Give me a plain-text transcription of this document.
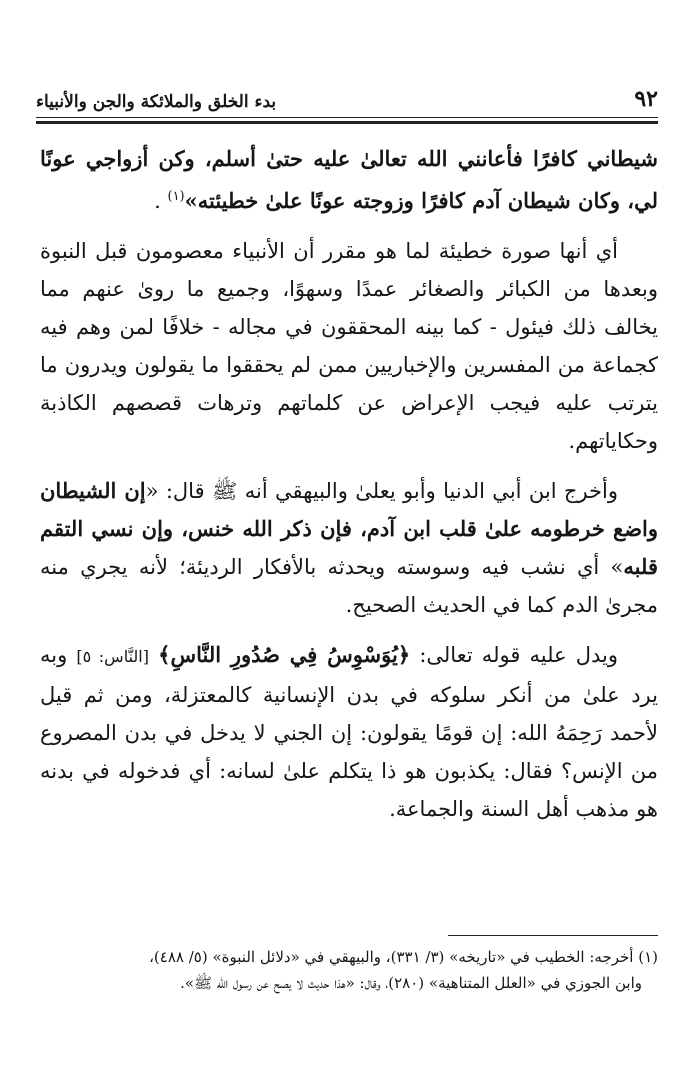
٩٢
بدء الخلق والملائكة والجن والأنبياء

شيطاني كافرًا فأعانني الله تعالىٰ عليه حتىٰ أسلم، وكن أزواجي عونًا لي، وكان شيطان آدم كافرًا وزوجته عونًا علىٰ خطيئته»$^{(١)}$ .

أي أنها صورة خطيئة لما هو مقرر أن الأنبياء معصومون قبل النبوة وبعدها من الكبائر والصغائر عمدًا وسهوًا، وجميع ما روىٰ عنهم مما يخالف ذلك فيئول - كما بينه المحققون في مجاله - خلافًا لمن وهم فيه كجماعة من المفسرين والإخباريين ممن لم يحققوا ما يقولون ويدرون ما يترتب عليه فيجب الإعراض عن كلماتهم وترهات قصصهم الكاذبة وحكاياتهم.

وأخرج ابن أبي الدنيا وأبو يعلىٰ والبيهقي أنه ﷺ قال: «إن الشيطان واضع خرطومه علىٰ قلب ابن آدم، فإن ذكر الله خنس، وإن نسي التقم قلبه» أي نشب فيه وسوسته ويحدثه بالأفكار الرديئة؛ لأنه يجري منه مجرىٰ الدم كما في الحديث الصحيح.

ويدل عليه قوله تعالى: ﴿يُوَسْوِسُ فِي صُدُورِ النَّاسِ﴾ [النَّاس: ٥] وبه يرد علىٰ من أنكر سلوكه في بدن الإنسانية كالمعتزلة، ومن ثم قيل لأحمد رَحِمَهُ الله: إن قومًا يقولون: إن الجني لا يدخل في بدن المصروع من الإنس؟ فقال: يكذبون هو ذا يتكلم علىٰ لسانه: أي فدخوله في بدنه هو مذهب أهل السنة والجماعة.

(١) أخرجه: الخطيب في «تاريخه» (٣/ ٣٣١)، والبيهقي في «دلائل النبوة» (٥/ ٤٨٨)،

وابن الجوزي في «العلل المتناهية» (٢٨٠)، وقال: «هذا حديث لا يصح عن رسول الله ﷺ».
